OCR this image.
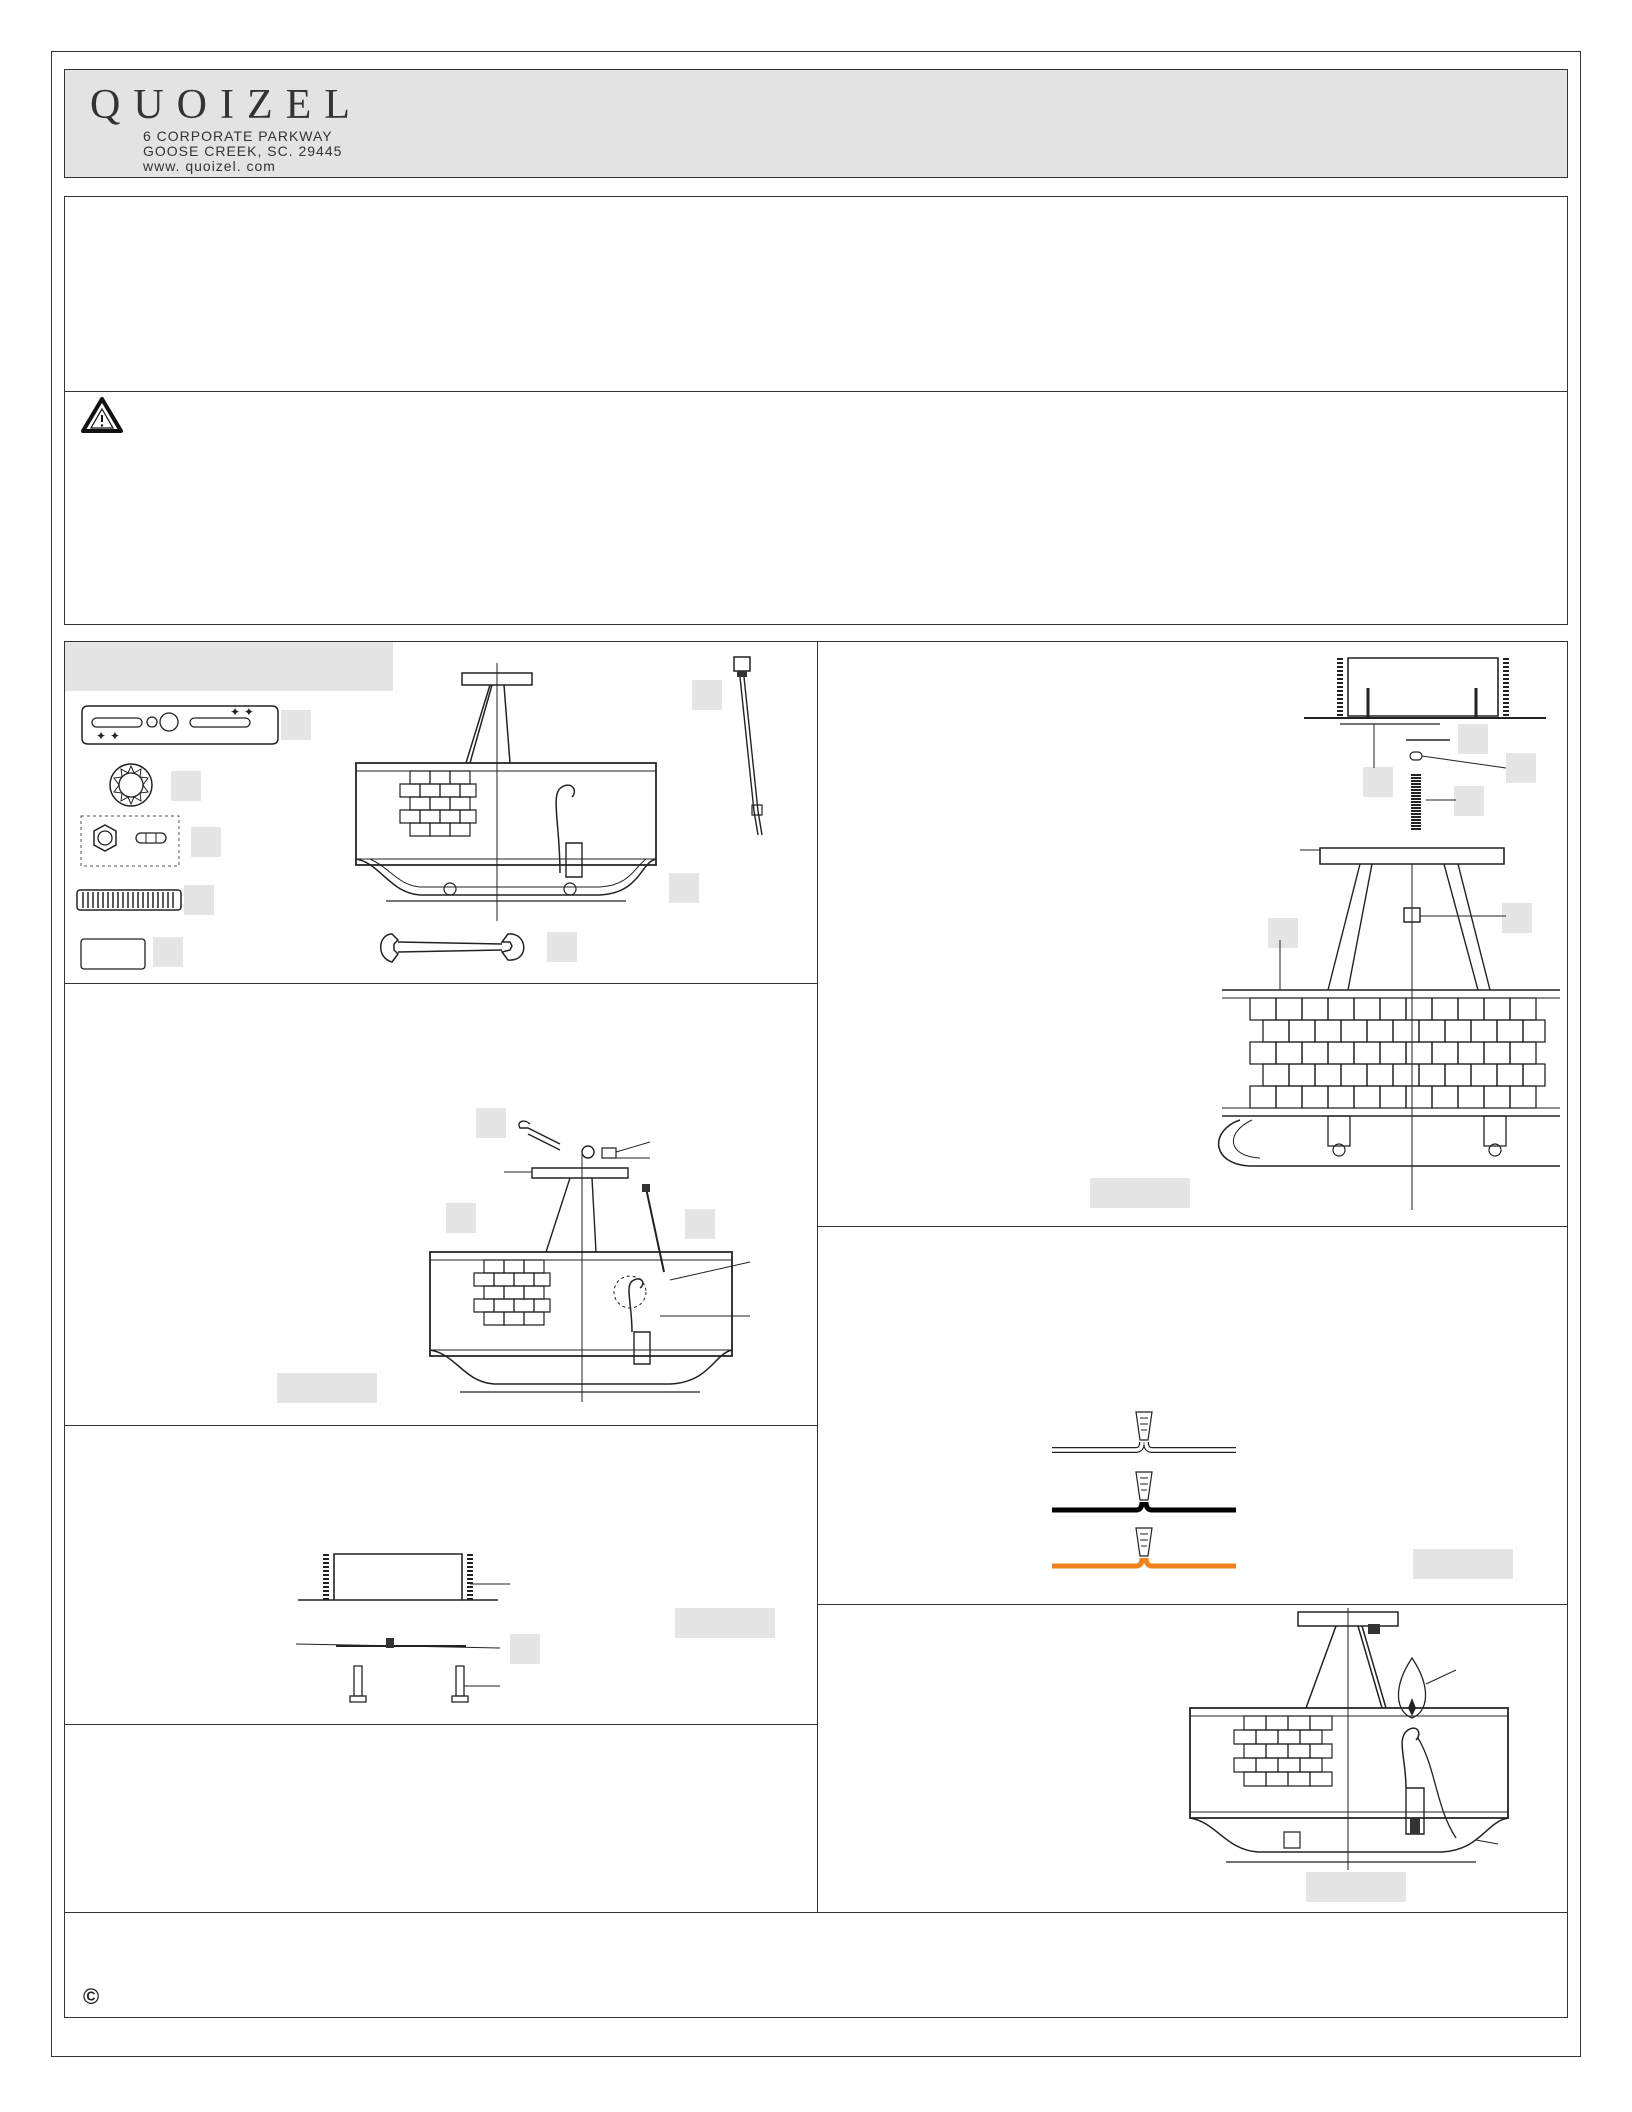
QUOIZEL
6 CORPORATE PARKWAY
GOOSE CREEK, SC. 29445
www. quoizel. com
©
✦ ✦
✦ ✦
